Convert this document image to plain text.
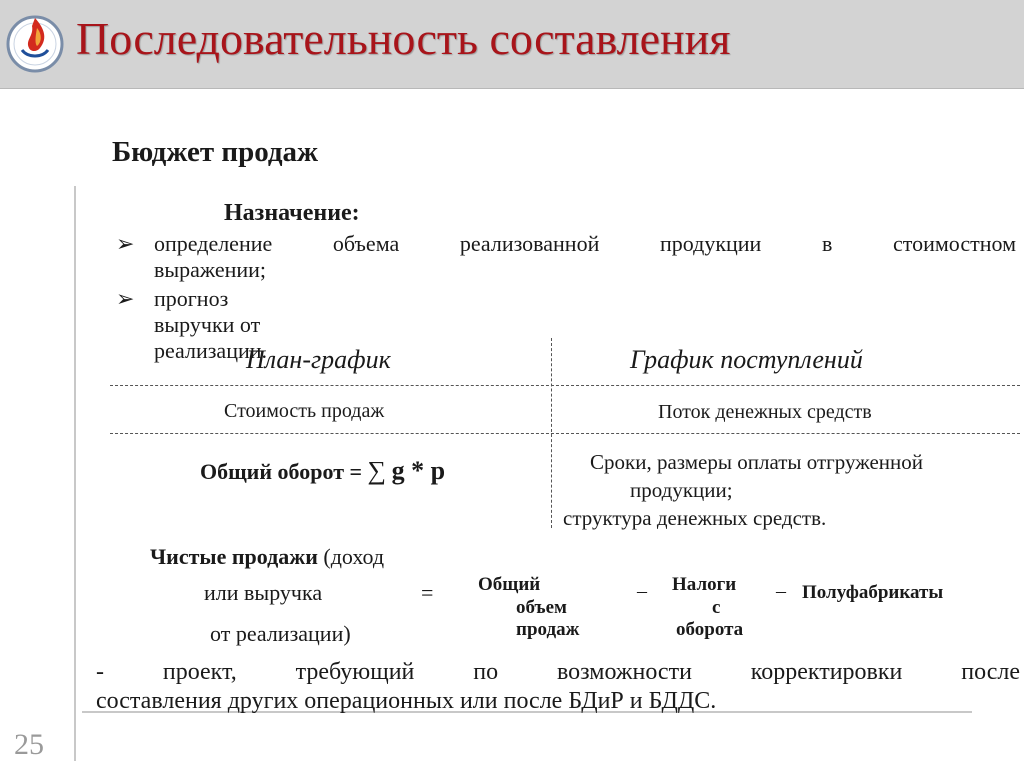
Последовательность составления
25
Бюджет продаж
Назначение:
➢ определение объема реализованной продукции в стоимостном
выражении;
➢ прогноз выручки от реализации.
План-график	График поступлений
Стоимость продаж	Поток денежных средств
Общий оборот = ∑ g * p	Сроки, размеры оплаты отгруженной
продукции;
структура денежных средств.
Чистые продажи (доход
или выручка
от реализации)
= Общий
объем
продаж
– Налоги
с
оборота
– Полуфабрикаты
- проект, требующий по возможности корректировки после
составления других операционных или после БДиР и БДДС.
